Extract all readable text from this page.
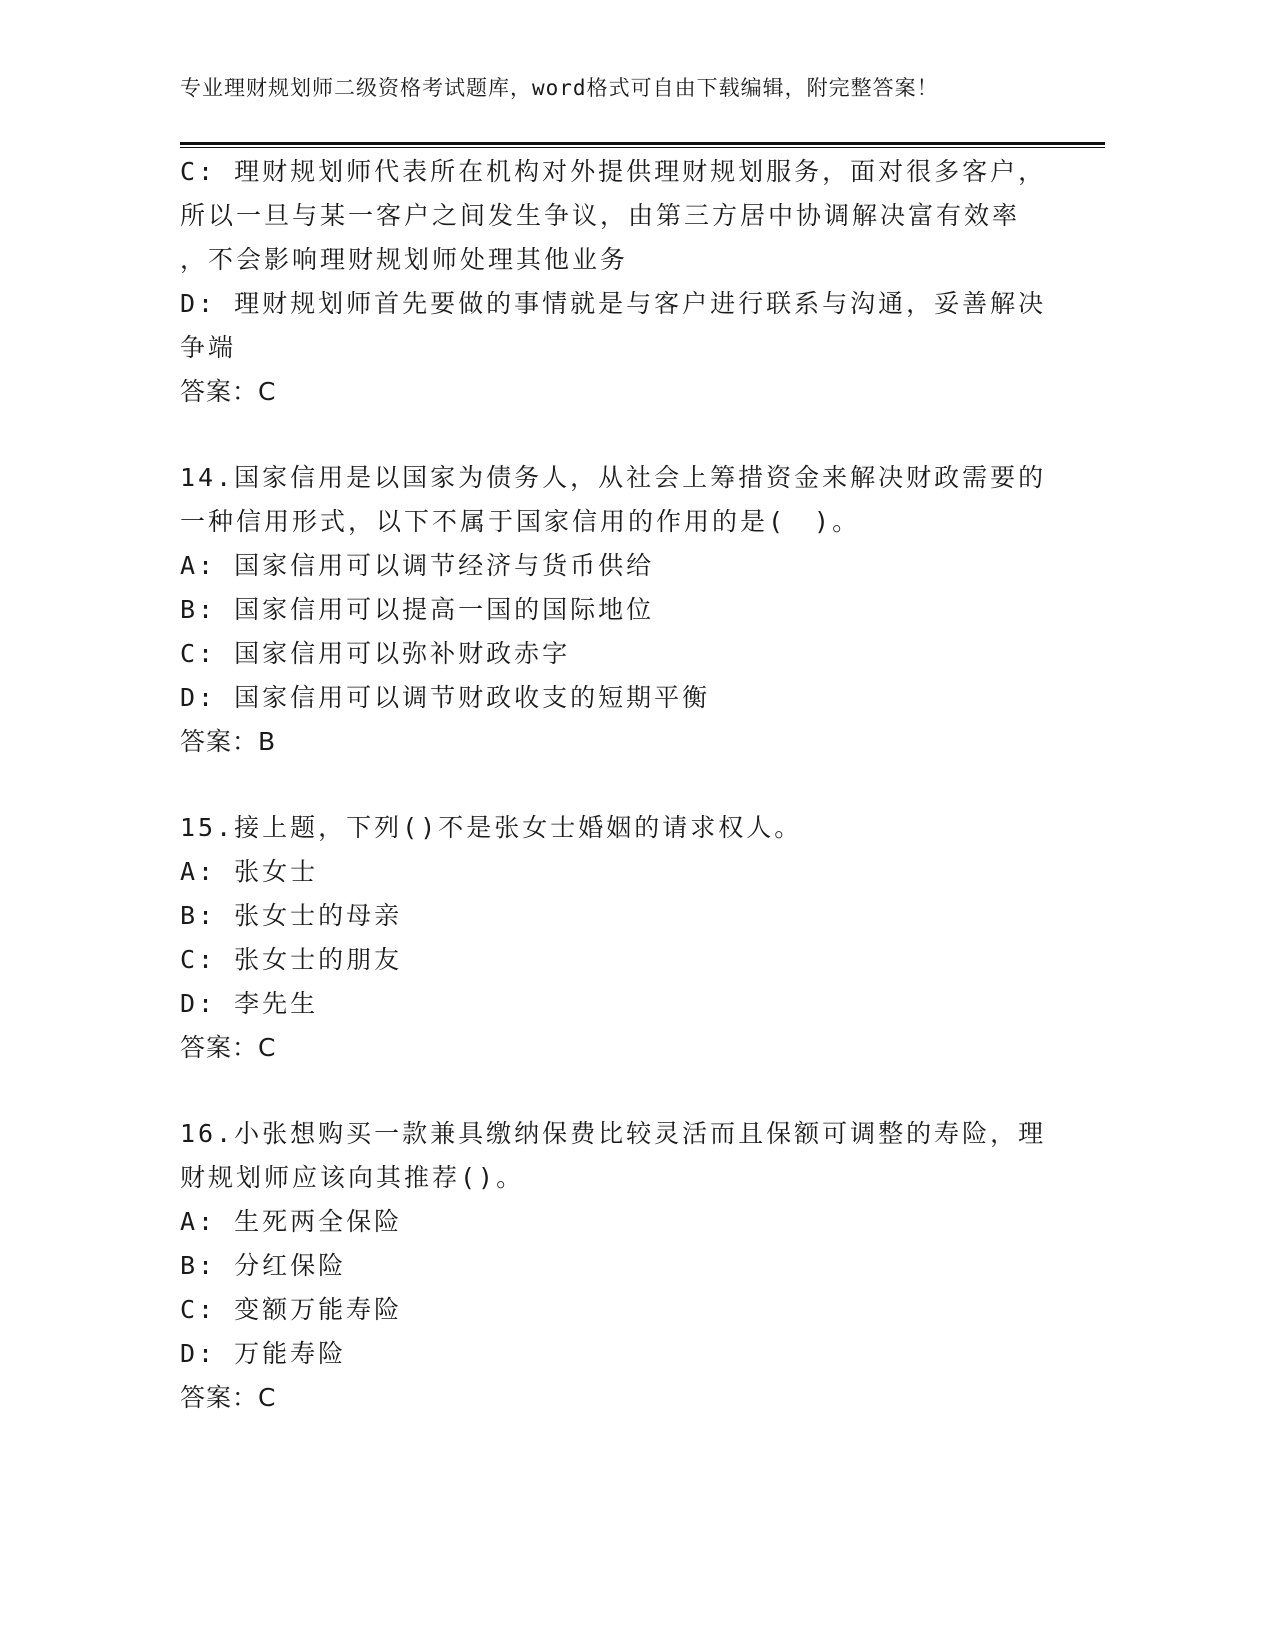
专业理财规划师二级资格考试题库，word格式可自由下载编辑，附完整答案！
C: 理财规划师代表所在机构对外提供理财规划服务，面对很多客户，
所以一旦与某一客户之间发生争议，由第三方居中协调解决富有效率
，不会影响理财规划师处理其他业务
D: 理财规划师首先要做的事情就是与客户进行联系与沟通，妥善解决
争端
答案：C
14.国家信用是以国家为债务人，从社会上筹措资金来解决财政需要的
一种信用形式，以下不属于国家信用的作用的是(　)。
A: 国家信用可以调节经济与货币供给
B: 国家信用可以提高一国的国际地位
C: 国家信用可以弥补财政赤字
D: 国家信用可以调节财政收支的短期平衡
答案：B
15.接上题，下列()不是张女士婚姻的请求权人。
A: 张女士
B: 张女士的母亲
C: 张女士的朋友
D: 李先生
答案：C
16.小张想购买一款兼具缴纳保费比较灵活而且保额可调整的寿险，理
财规划师应该向其推荐()。
A: 生死两全保险
B: 分红保险
C: 变额万能寿险
D: 万能寿险
答案：C
